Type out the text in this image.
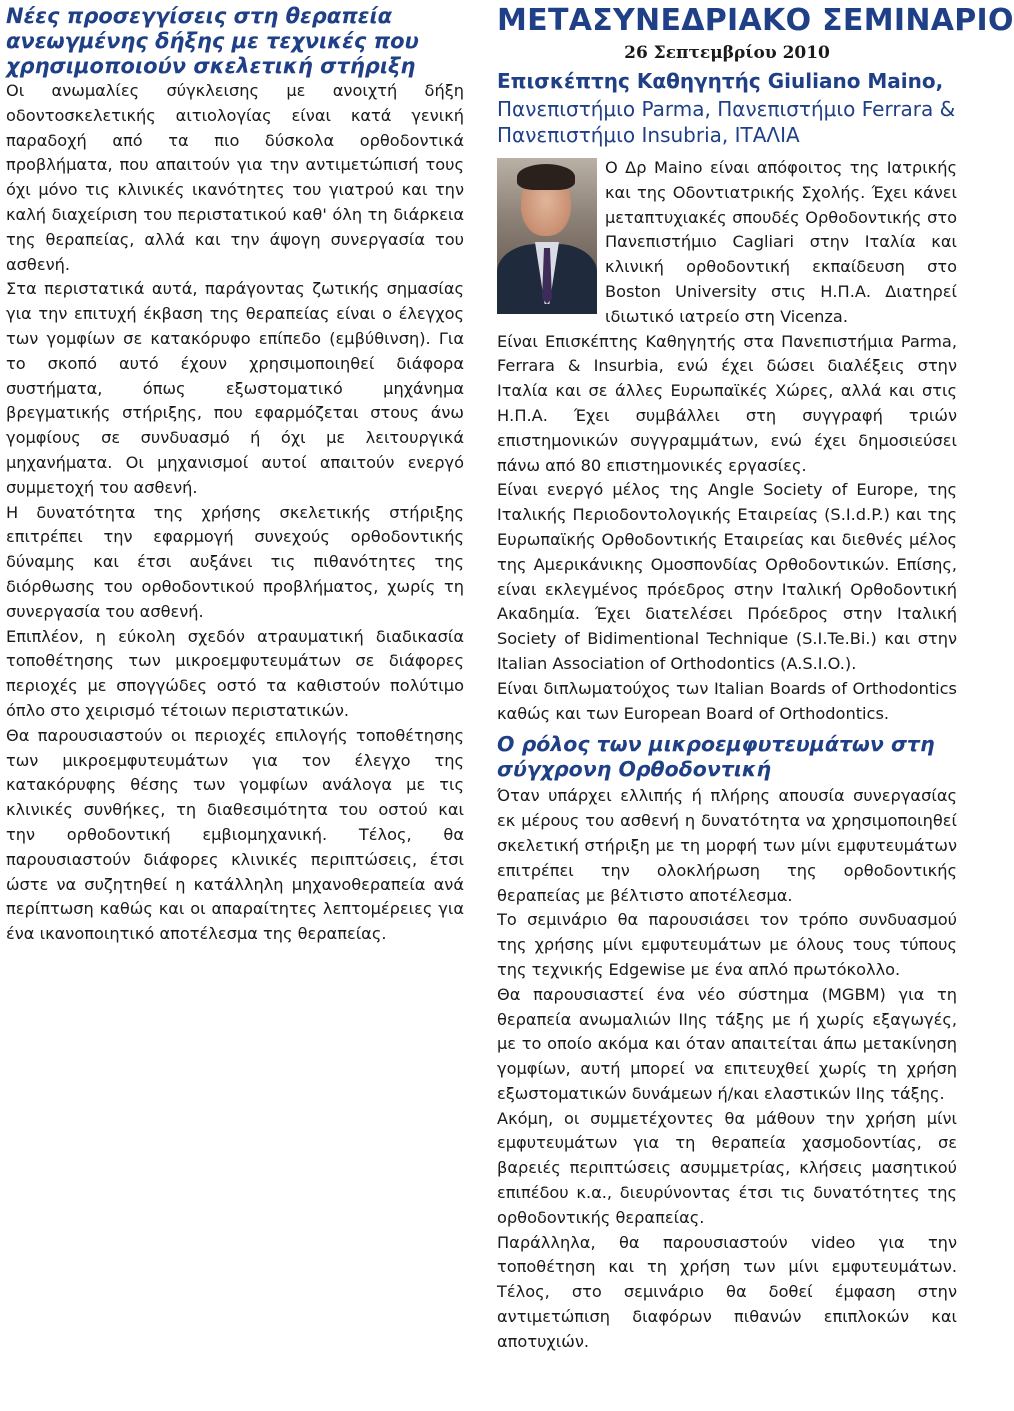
Νέες προσεγγίσεις στη θεραπεία ανεωγμένης δήξης με τεχνικές που χρησιμοποιούν σκελετική στήριξη

Οι ανωμαλίες σύγκλεισης με ανοιχτή δήξη οδοντοσκελετικής αιτιολογίας είναι κατά γενική παραδοχή από τα πιο δύσκολα ορθοδοντικά προβλήματα, που απαιτούν για την αντιμετώπισή τους όχι μόνο τις κλινικές ικανότητες του γιατρού και την καλή διαχείριση του περιστατικού καθ' όλη τη διάρκεια της θεραπείας, αλλά και την άψογη συνεργασία του ασθενή.

Στα περιστατικά αυτά, παράγοντας ζωτικής σημασίας για την επιτυχή έκβαση της θεραπείας είναι ο έλεγχος των γομφίων σε κατακόρυφο επίπεδο (εμβύθινση). Για το σκοπό αυτό έχουν χρησιμοποιηθεί διάφορα συστήματα, όπως εξωστοματικό μηχάνημα βρεγματικής στήριξης, που εφαρμόζεται στους άνω γομφίους σε συνδυασμό ή όχι με λειτουργικά μηχανήματα. Οι μηχανισμοί αυτοί απαιτούν ενεργό συμμετοχή του ασθενή.

Η δυνατότητα της χρήσης σκελετικής στήριξης επιτρέπει την εφαρμογή συνεχούς ορθοδοντικής δύναμης και έτσι αυξάνει τις πιθανότητες της διόρθωσης του ορθοδοντικού προβλήματος, χωρίς τη συνεργασία του ασθενή.

Επιπλέον, η εύκολη σχεδόν ατραυματική διαδικασία τοποθέτησης των μικροεμφυτευμάτων σε διάφορες περιοχές με σπογγώδες οστό τα καθιστούν πολύτιμο όπλο στο χειρισμό τέτοιων περιστατικών.

Θα παρουσιαστούν οι περιοχές επιλογής τοποθέτησης των μικροεμφυτευμάτων για τον έλεγχο της κατακόρυφης θέσης των γομφίων ανάλογα με τις κλινικές συνθήκες, τη διαθεσιμότητα του οστού και την ορθοδοντική εμβιομηχανική. Τέλος, θα παρουσιαστούν διάφορες κλινικές περιπτώσεις, έτσι ώστε να συζητηθεί η κατάλληλη μηχανοθεραπεία ανά περίπτωση καθώς και οι απαραίτητες λεπτομέρειες για ένα ικανοποιητικό αποτέλεσμα της θεραπείας.

ΜΕΤΑΣΥΝΕΔΡΙΑΚΟ ΣΕΜΙΝΑΡΙΟ

26 Σεπτεμβρίου 2010

Επισκέπτης Καθηγητής Giuliano Maino,

Πανεπιστήμιο Parma, Πανεπιστήμιο Ferrara & Πανεπιστήμιο Insubria, ΙΤΑΛΙΑ

Ο Δρ Maino είναι απόφοιτος της Ιατρικής και της Οδοντιατρικής Σχολής. Έχει κάνει μεταπτυχιακές σπουδές Ορθοδοντικής στο Πανεπιστήμιο Cagliari στην Ιταλία και κλινική ορθοδοντική εκπαίδευση στο Boston University στις Η.Π.Α. Διατηρεί ιδιωτικό ιατρείο στη Vicenza.

Είναι Επισκέπτης Καθηγητής στα Πανεπιστήμια Parma, Ferrara & Insurbia, ενώ έχει δώσει διαλέξεις στην Ιταλία και σε άλλες Ευρωπαϊκές Χώρες, αλλά και στις Η.Π.Α. Έχει συμβάλλει στη συγγραφή τριών επιστημονικών συγγραμμάτων, ενώ έχει δημοσιεύσει πάνω από 80 επιστημονικές εργασίες.

Είναι ενεργό μέλος της Angle Society of Europe, της Ιταλικής Περιοδοντολογικής Εταιρείας (S.I.d.P.) και της Ευρωπαϊκής Ορθοδοντικής Εταιρείας και διεθνές μέλος της Αμερικάνικης Ομοσπονδίας Ορθοδοντικών. Επίσης, είναι εκλεγμένος πρόεδρος στην Ιταλική Ορθοδοντική Ακαδημία. Έχει διατελέσει Πρόεδρος στην Ιταλική Society of Bidimentional Technique (S.I.Te.Bi.) και στην Italian Association of Orthodontics (A.S.I.O.).

Είναι διπλωματούχος των Italian Boards of Orthodontics καθώς και των European Board of Orthodontics.

Ο ρόλος των μικροεμφυτευμάτων στη σύγχρονη Ορθοδοντική

Όταν υπάρχει ελλιπής ή πλήρης απουσία συνεργασίας εκ μέρους του ασθενή η δυνατότητα να χρησιμοποιηθεί σκελετική στήριξη με τη μορφή των μίνι εμφυτευμάτων επιτρέπει την ολοκλήρωση της ορθοδοντικής θεραπείας με βέλτιστο αποτέλεσμα.

Το σεμινάριο θα παρουσιάσει τον τρόπο συνδυασμού της χρήσης μίνι εμφυτευμάτων με όλους τους τύπους της τεχνικής Edgewise με ένα απλό πρωτόκολλο.

Θα παρουσιαστεί ένα νέο σύστημα (MGBM) για τη θεραπεία ανωμαλιών IIης τάξης με ή χωρίς εξαγωγές, με το οποίο ακόμα και όταν απαιτείται άπω μετακίνηση γομφίων, αυτή μπορεί να επιτευχθεί χωρίς τη χρήση εξωστοματικών δυνάμεων ή/και ελαστικών IIης τάξης.

Ακόμη, οι συμμετέχοντες θα μάθουν την χρήση μίνι εμφυτευμάτων για τη θεραπεία χασμοδοντίας, σε βαρειές περιπτώσεις ασυμμετρίας, κλήσεις μασητικού επιπέδου κ.α., διευρύνοντας έτσι τις δυνατότητες της ορθοδοντικής θεραπείας.

Παράλληλα, θα παρουσιαστούν video για την τοποθέτηση και τη χρήση των μίνι εμφυτευμάτων. Τέλος, στο σεμινάριο θα δοθεί έμφαση στην αντιμετώπιση διαφόρων πιθανών επιπλοκών και αποτυχιών.
